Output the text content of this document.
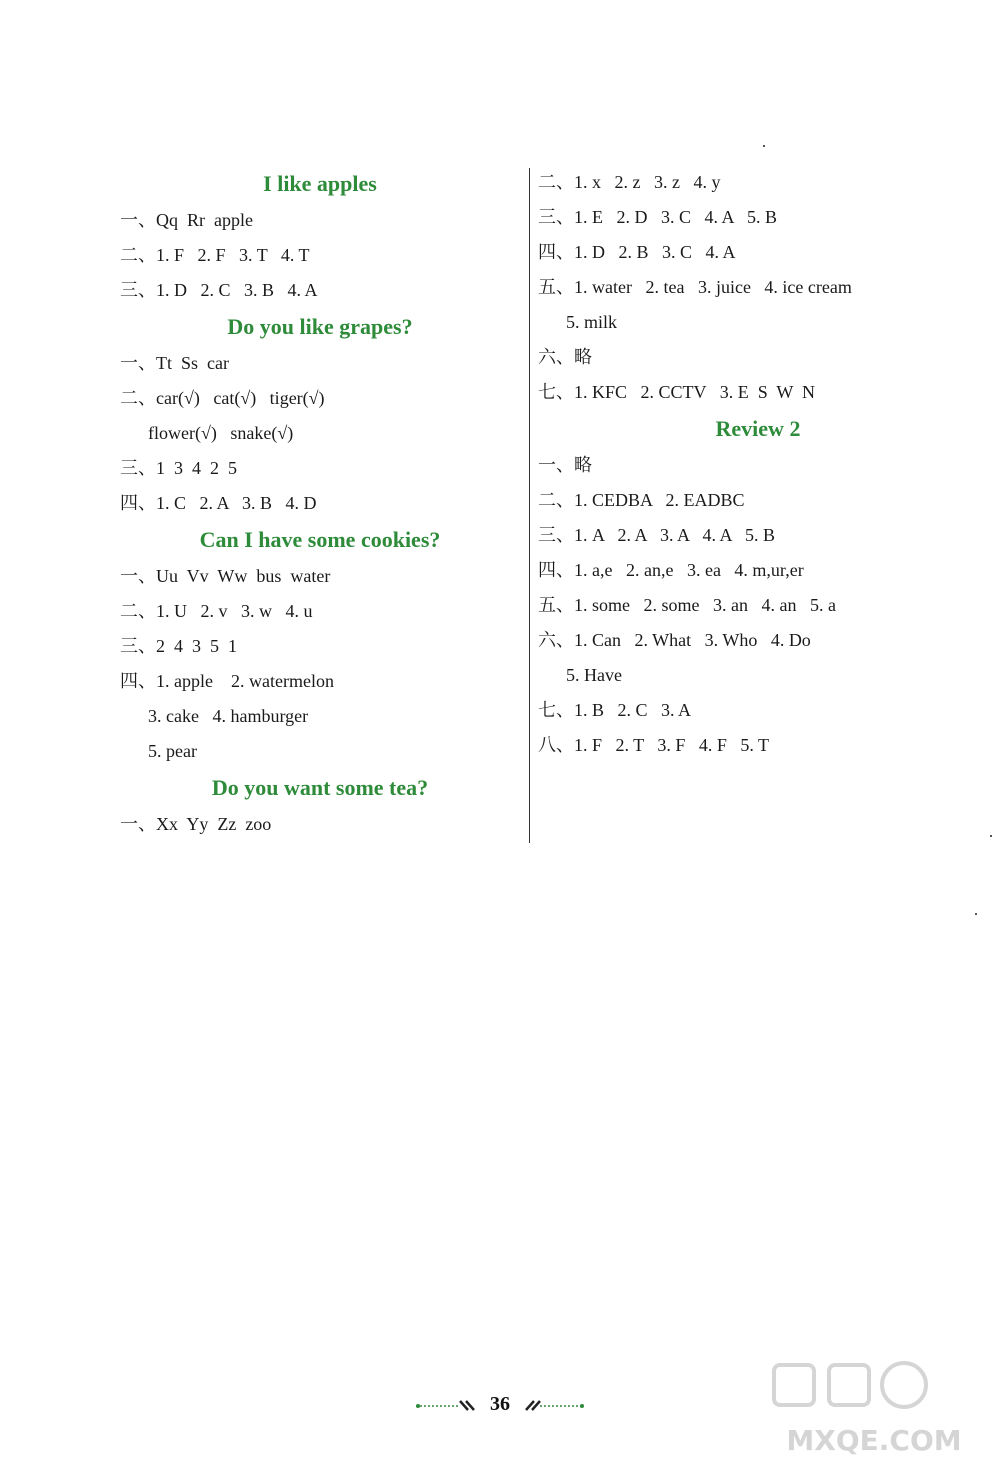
I like apples
一、Qq  Rr  apple
二、1. F   2. F   3. T   4. T
三、1. D   2. C   3. B   4. A
Do you like grapes?
一、Tt  Ss  car
二、car(√)   cat(√)   tiger(√)
flower(√)   snake(√)
三、1  3  4  2  5
四、1. C   2. A   3. B   4. D
Can I have some cookies?
一、Uu  Vv  Ww  bus  water
二、1. U   2. v   3. w   4. u
三、2  4  3  5  1
四、1. apple    2. watermelon
3. cake   4. hamburger
5. pear
Do you want some tea?
一、Xx  Yy  Zz  zoo
二、1. x   2. z   3. z   4. y
三、1. E   2. D   3. C   4. A   5. B
四、1. D   2. B   3. C   4. A
五、1. water   2. tea   3. juice   4. ice cream
5. milk
六、略
七、1. KFC   2. CCTV   3. E  S  W  N
Review 2
一、略
二、1. CEDBA   2. EADBC
三、1. A   2. A   3. A   4. A   5. B
四、1. a,e   2. an,e   3. ea   4. m,ur,er
五、1. some   2. some   3. an   4. an   5. a
六、1. Can   2. What   3. Who   4. Do
5. Have
七、1. B   2. C   3. A
八、1. F   2. T   3. F   4. F   5. T
36
MXQE.COM
